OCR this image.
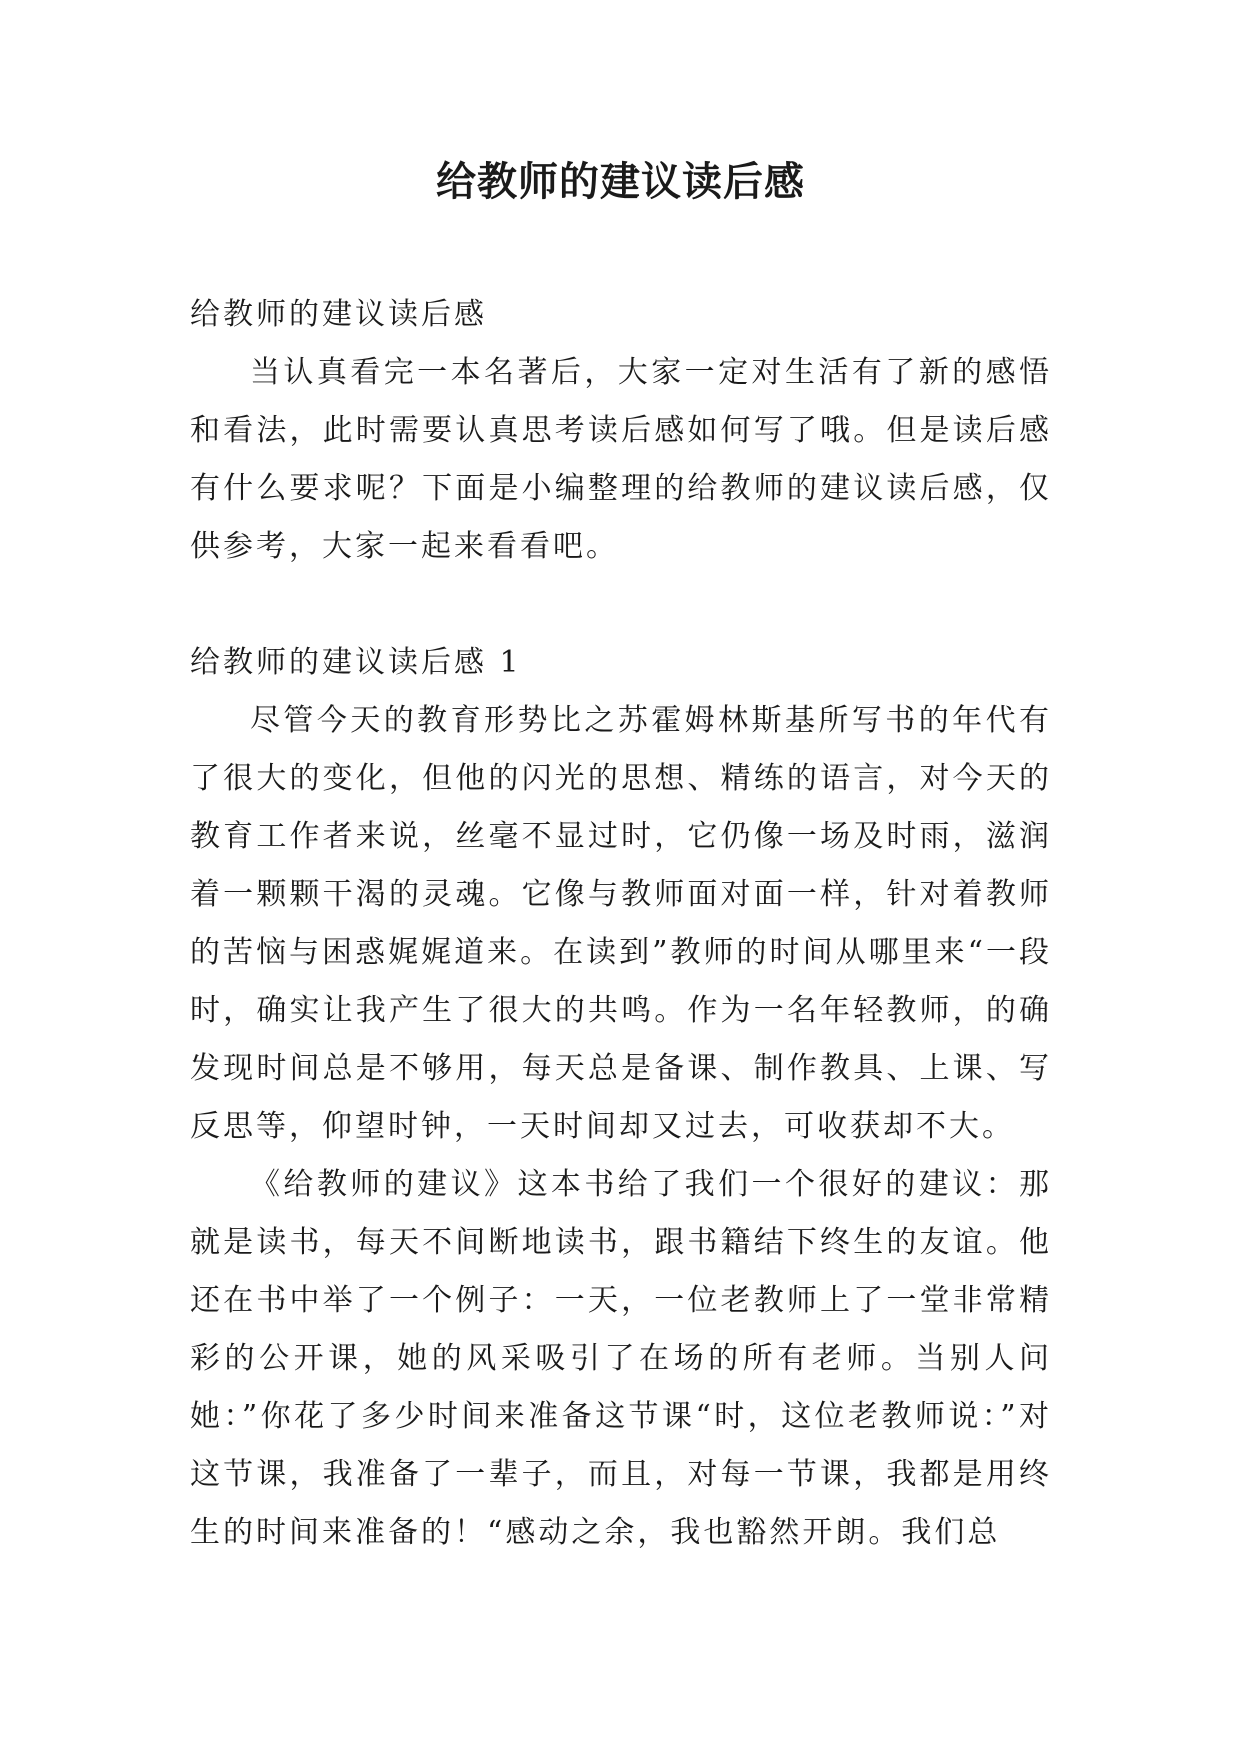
给教师的建议读后感

给教师的建议读后感

当认真看完一本名著后，大家一定对生活有了新的感悟和看法，此时需要认真思考读后感如何写了哦。但是读后感有什么要求呢？下面是小编整理的给教师的建议读后感，仅供参考，大家一起来看看吧。

给教师的建议读后感 1

尽管今天的教育形势比之苏霍姆林斯基所写书的年代有了很大的变化，但他的闪光的思想、精练的语言，对今天的教育工作者来说，丝毫不显过时，它仍像一场及时雨，滋润着一颗颗干渴的灵魂。它像与教师面对面一样，针对着教师的苦恼与困惑娓娓道来。在读到”教师的时间从哪里来“一段时，确实让我产生了很大的共鸣。作为一名年轻教师，的确发现时间总是不够用，每天总是备课、制作教具、上课、写反思等，仰望时钟，一天时间却又过去，可收获却不大。

《给教师的建议》这本书给了我们一个很好的建议：那就是读书，每天不间断地读书，跟书籍结下终生的友谊。他还在书中举了一个例子：一天，一位老教师上了一堂非常精彩的公开课，她的风采吸引了在场的所有老师。当别人问她：”你花了多少时间来准备这节课“时，这位老教师说：”对这节课，我准备了一辈子，而且，对每一节课，我都是用终生的时间来准备的！“感动之余，我也豁然开朗。我们总
